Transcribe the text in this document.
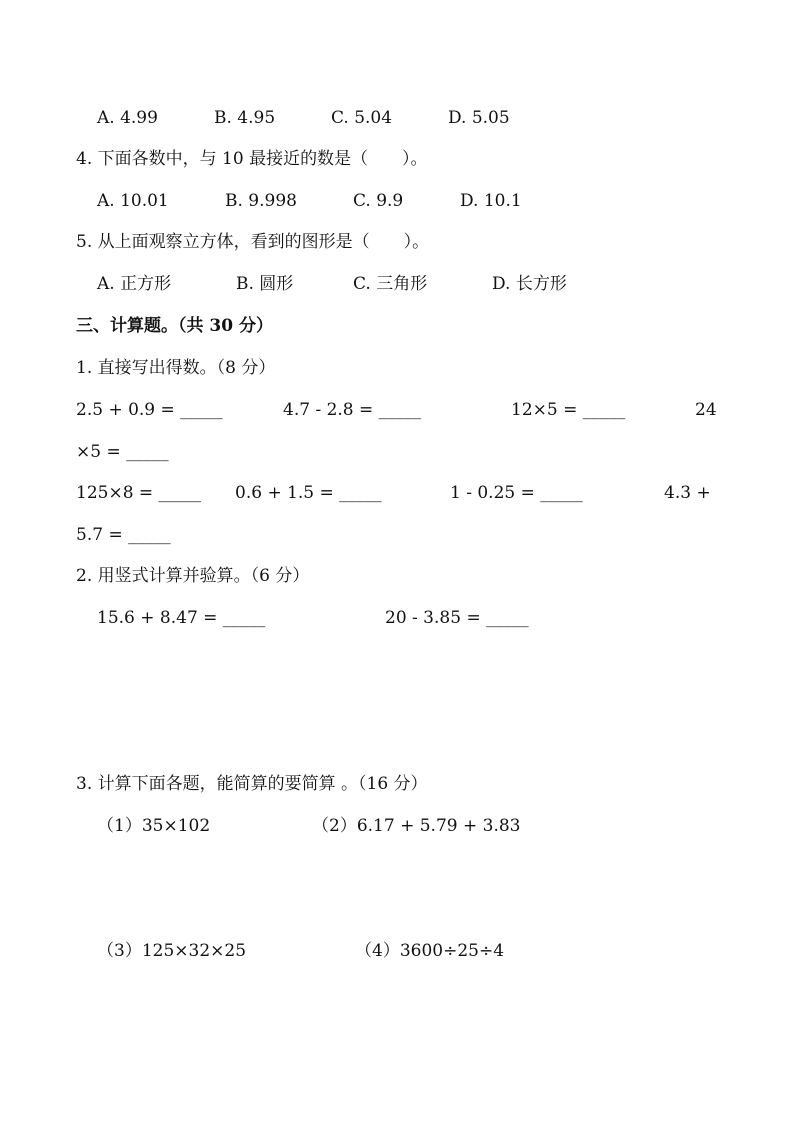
A. 4.99	B. 4.95	C. 5.04	D. 5.05
4. 下面各数中，与 10 最接近的数是（　　）。
A. 10.01	B. 9.998	C. 9.9	D. 10.1
5. 从上面观察立方体，看到的图形是（　　）。
A. 正方形	B. 圆形	C. 三角形	D. 长方形
三、计算题。（共 30 分）
1. 直接写出得数。（8 分）
2.5 + 0.9 = _____	4.7 - 2.8 = _____	12×5 = _____	24
×5 = _____
125×8 = _____ 0.6 + 1.5 = _____	1 - 0.25 = _____	4.3 +
5.7 = _____
2. 用竖式计算并验算。（6 分）
15.6 + 8.47 = _____	20 - 3.85 = _____
3. 计算下面各题，能简算的要简算 。（16 分）
（1）35×102	（2）6.17 + 5.79 + 3.83
（3）125×32×25	（4）3600÷25÷4
